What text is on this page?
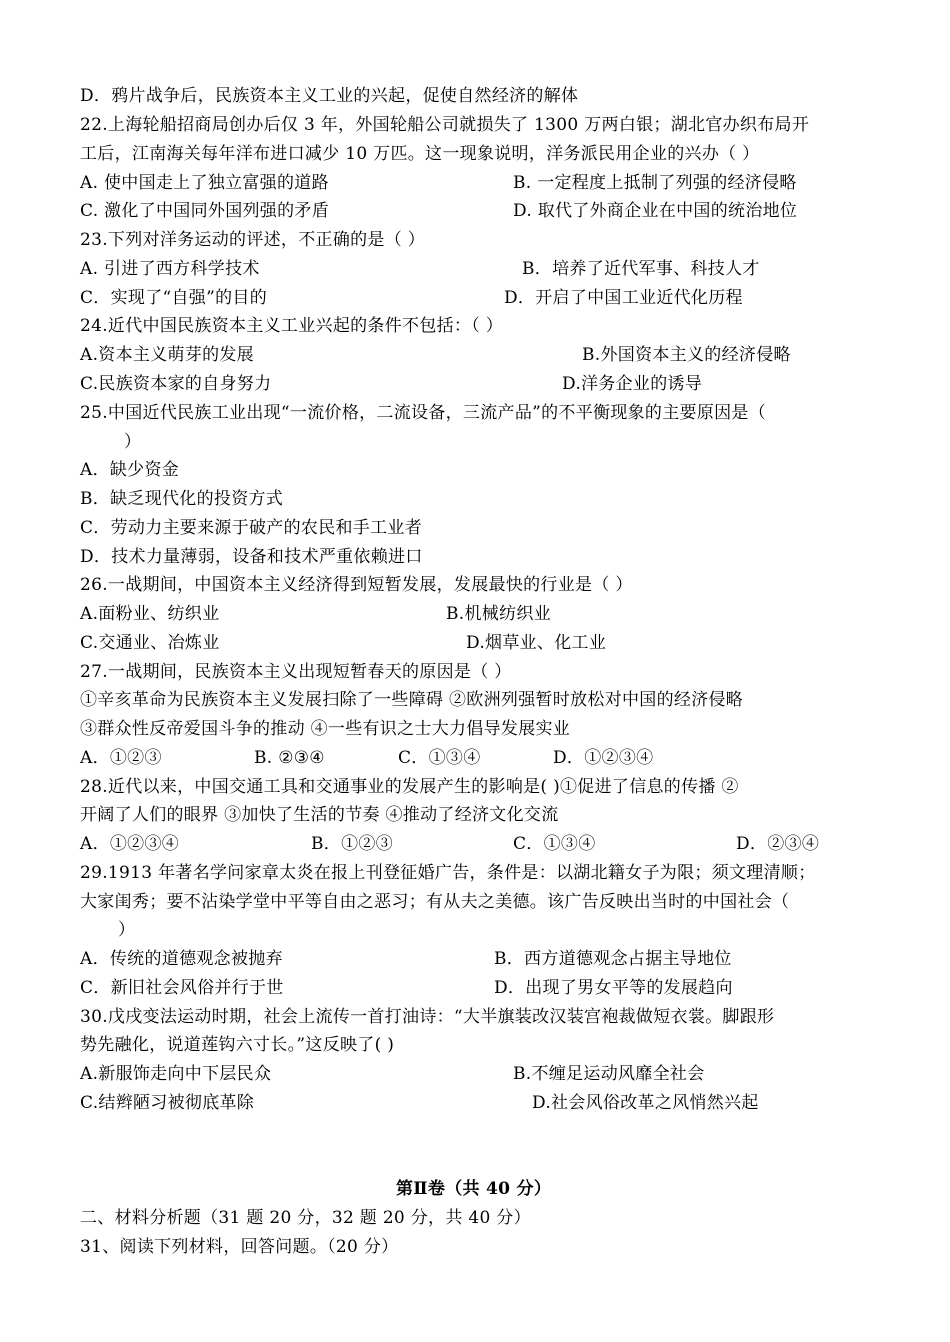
D．鸦片战争后，民族资本主义工业的兴起，促使自然经济的解体
22.上海轮船招商局创办后仅 3 年，外国轮船公司就损失了 1300 万两白银；湖北官办织布局开
工后，江南海关每年洋布进口减少 10 万匹。这一现象说明，洋务派民用企业的兴办（ ）
A. 使中国走上了独立富强的道路	B. 一定程度上抵制了列强的经济侵略
C. 激化了中国同外国列强的矛盾	D. 取代了外商企业在中国的统治地位
23.下列对洋务运动的评述，不正确的是（ ）
A. 引进了西方科学技术	B．培养了近代军事、科技人才
C．实现了“自强”的目的	D．开启了中国工业近代化历程
24.近代中国民族资本主义工业兴起的条件不包括：（ ）
A.资本主义萌芽的发展	B.外国资本主义的经济侵略
C.民族资本家的自身努力	D.洋务企业的诱导
25.中国近代民族工业出现“一流价格，二流设备，三流产品”的不平衡现象的主要原因是（
）
A．缺少资金
B．缺乏现代化的投资方式
C．劳动力主要来源于破产的农民和手工业者
D．技术力量薄弱，设备和技术严重依赖进口
26.一战期间，中国资本主义经济得到短暂发展，发展最快的行业是（ ）
A.面粉业、纺织业	B.机械纺织业
C.交通业、冶炼业	D.烟草业、化工业
27.一战期间，民族资本主义出现短暂春天的原因是（ ）
①辛亥革命为民族资本主义发展扫除了一些障碍 ②欧洲列强暂时放松对中国的经济侵略
③群众性反帝爱国斗争的推动 ④一些有识之士大力倡导发展实业
A．①②③	B. ②③④	C．①③④	D．①②③④
28.近代以来，中国交通工具和交通事业的发展产生的影响是( )①促进了信息的传播 ②
开阔了人们的眼界 ③加快了生活的节奏 ④推动了经济文化交流
A．①②③④	B．①②③	C．①③④	D．②③④
29.1913 年著名学问家章太炎在报上刊登征婚广告，条件是：以湖北籍女子为限；须文理清顺；
大家闺秀；要不沾染学堂中平等自由之恶习；有从夫之美德。该广告反映出当时的中国社会（
）
A．传统的道德观念被抛弃	B．西方道德观念占据主导地位
C．新旧社会风俗并行于世	D．出现了男女平等的发展趋向
30.戊戌变法运动时期，社会上流传一首打油诗：“大半旗装改汉装宫袍裁做短衣裳。脚跟形
势先融化，说道莲钩六寸长。”这反映了( )
A.新服饰走向中下层民众	B.不缠足运动风靡全社会
C.结辫陋习被彻底革除	D.社会风俗改革之风悄然兴起
第Ⅱ卷（共 40 分）
二、材料分析题（31 题 20 分，32 题 20 分，共 40 分）
31、阅读下列材料，回答问题。（20 分）
